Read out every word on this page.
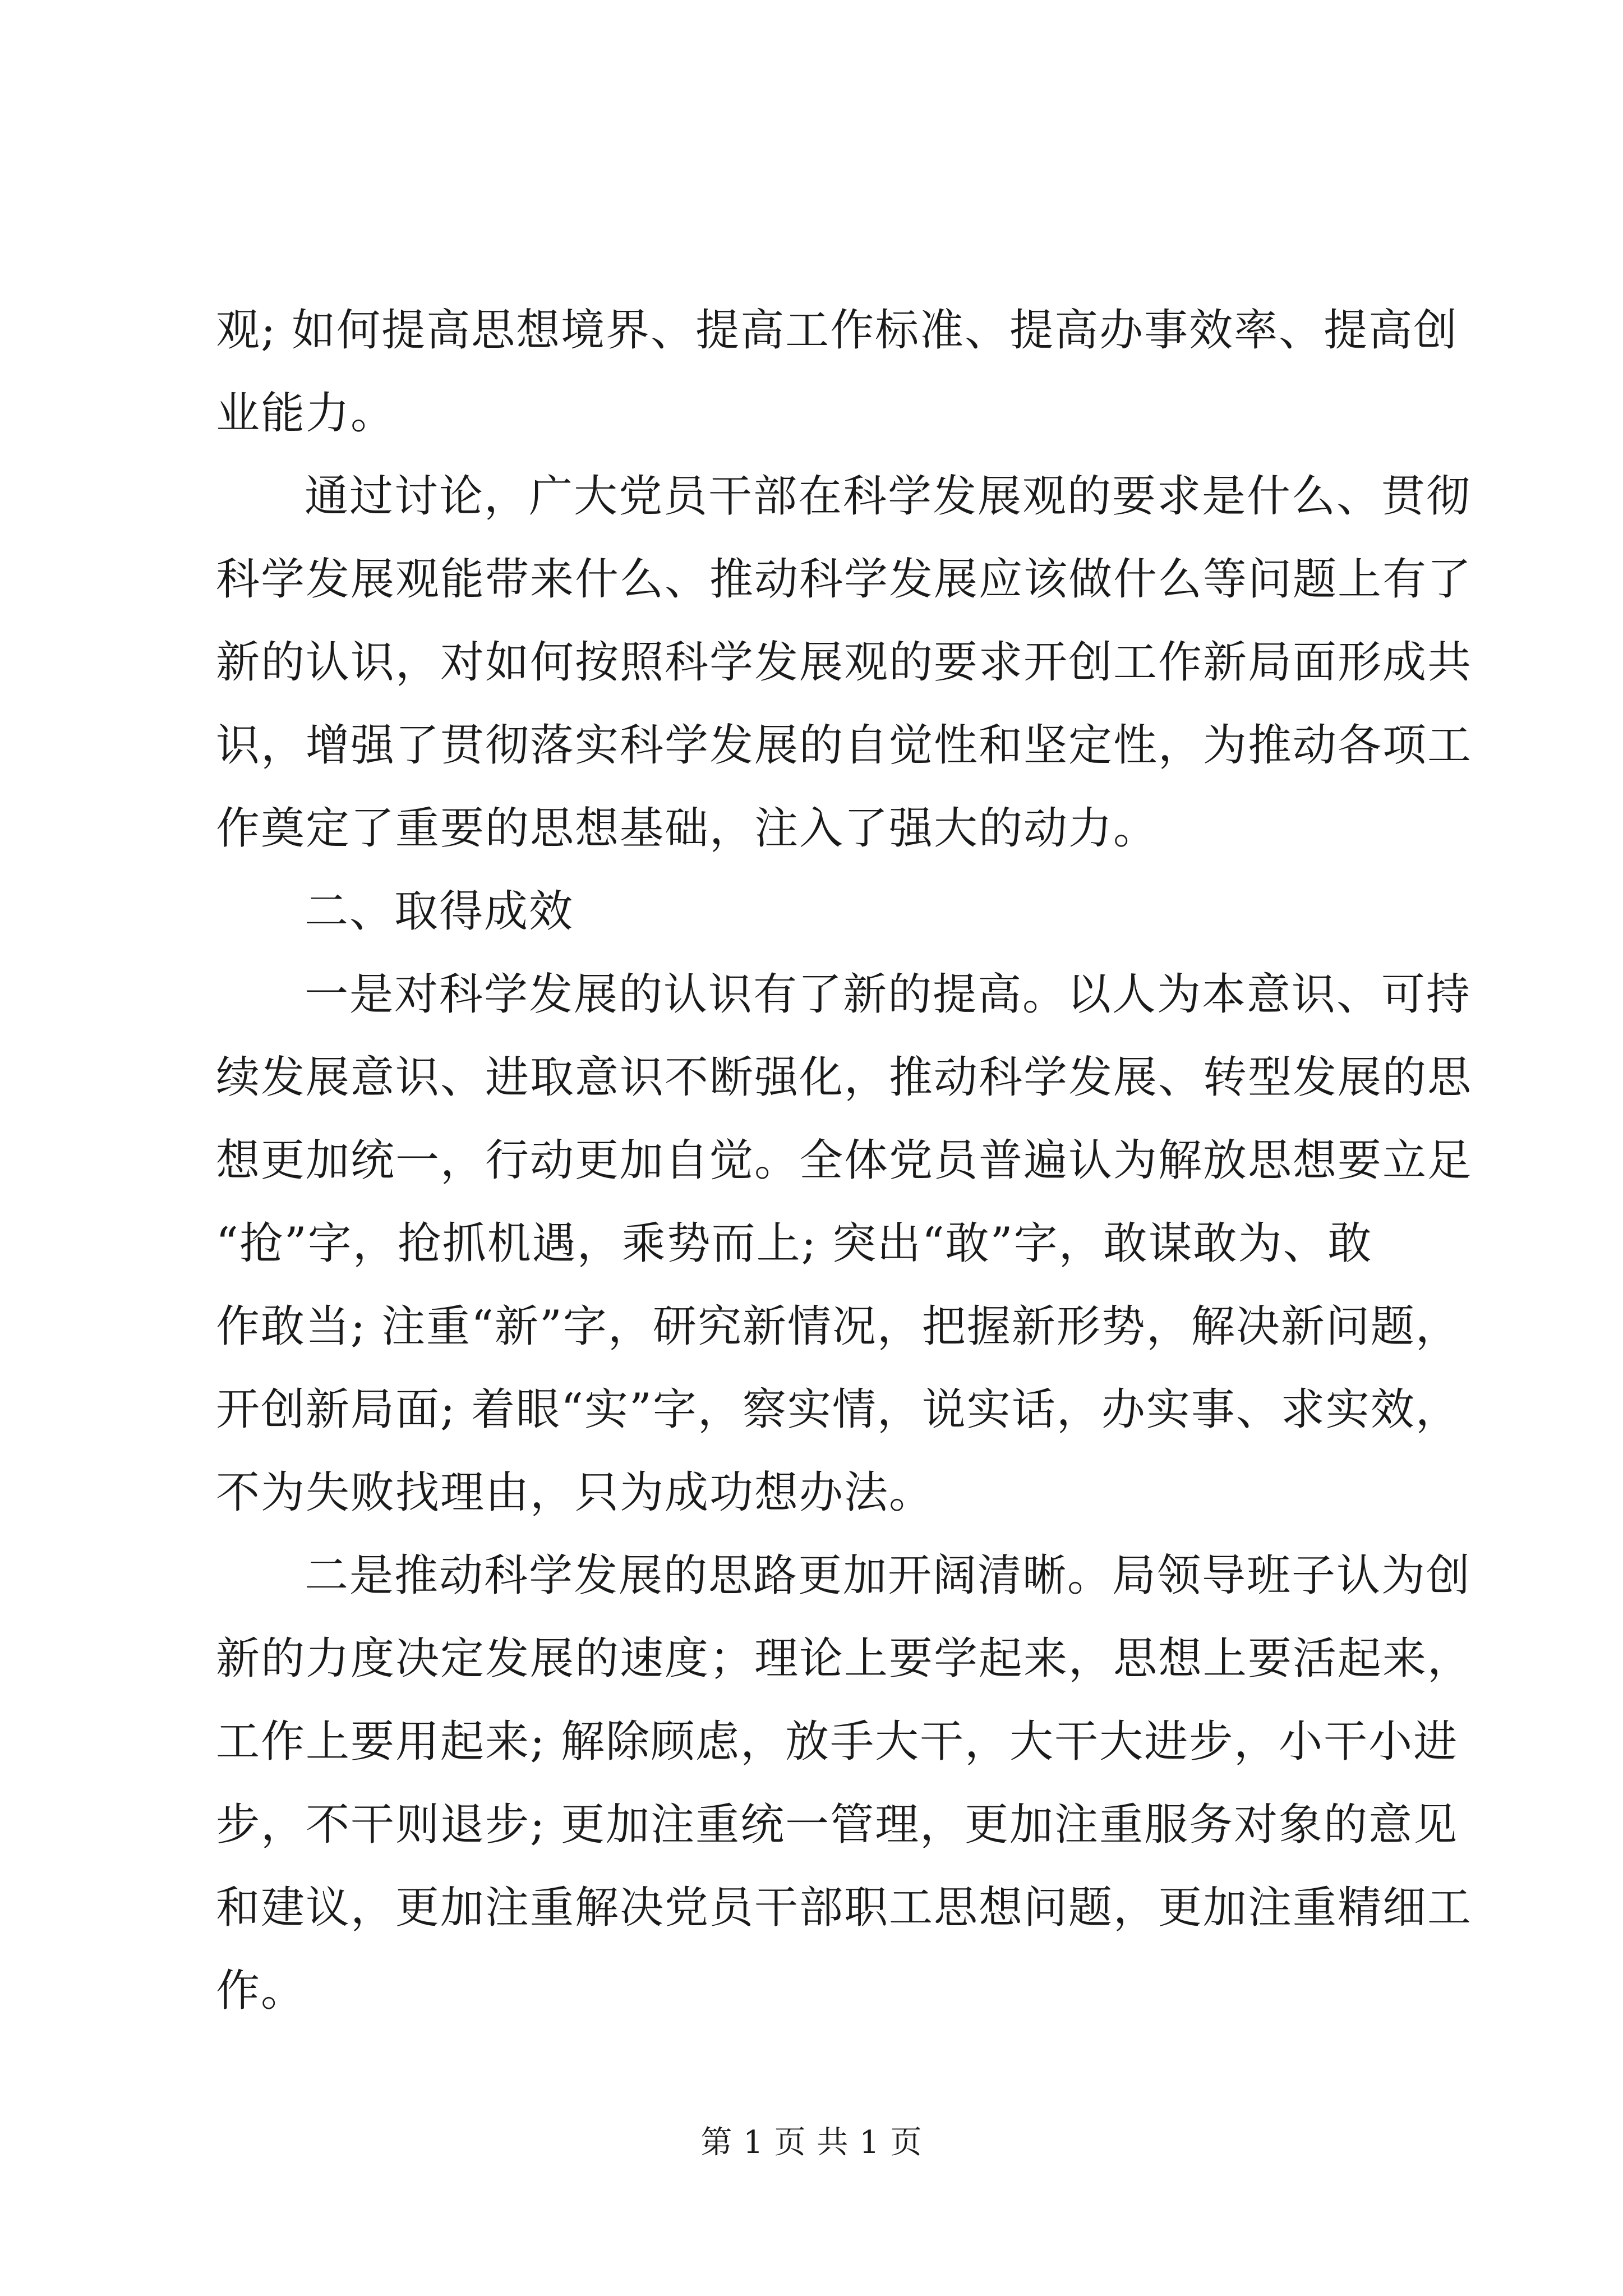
观; 如何提高思想境界、提高工作标准、提高办事效率、提高创
业能力。
通过讨论，广大党员干部在科学发展观的要求是什么、贯彻
科学发展观能带来什么、推动科学发展应该做什么等问题上有了
新的认识，对如何按照科学发展观的要求开创工作新局面形成共
识，增强了贯彻落实科学发展的自觉性和坚定性，为推动各项工
作奠定了重要的思想基础，注入了强大的动力。
二、取得成效
一是对科学发展的认识有了新的提高。以人为本意识、可持
续发展意识、进取意识不断强化，推动科学发展、转型发展的思
想更加统一，行动更加自觉。全体党员普遍认为解放思想要立足
“抢”字，抢抓机遇，乘势而上; 突出“敢”字，敢谋敢为、敢
作敢当; 注重“新”字，研究新情况，把握新形势，解决新问题，
开创新局面; 着眼“实”字，察实情，说实话，办实事、求实效，
不为失败找理由，只为成功想办法。
二是推动科学发展的思路更加开阔清晰。局领导班子认为创
新的力度决定发展的速度；理论上要学起来，思想上要活起来，
工作上要用起来; 解除顾虑，放手大干，大干大进步，小干小进
步，不干则退步; 更加注重统一管理，更加注重服务对象的意见
和建议，更加注重解决党员干部职工思想问题，更加注重精细工
作。
第 1 页 共 1 页
